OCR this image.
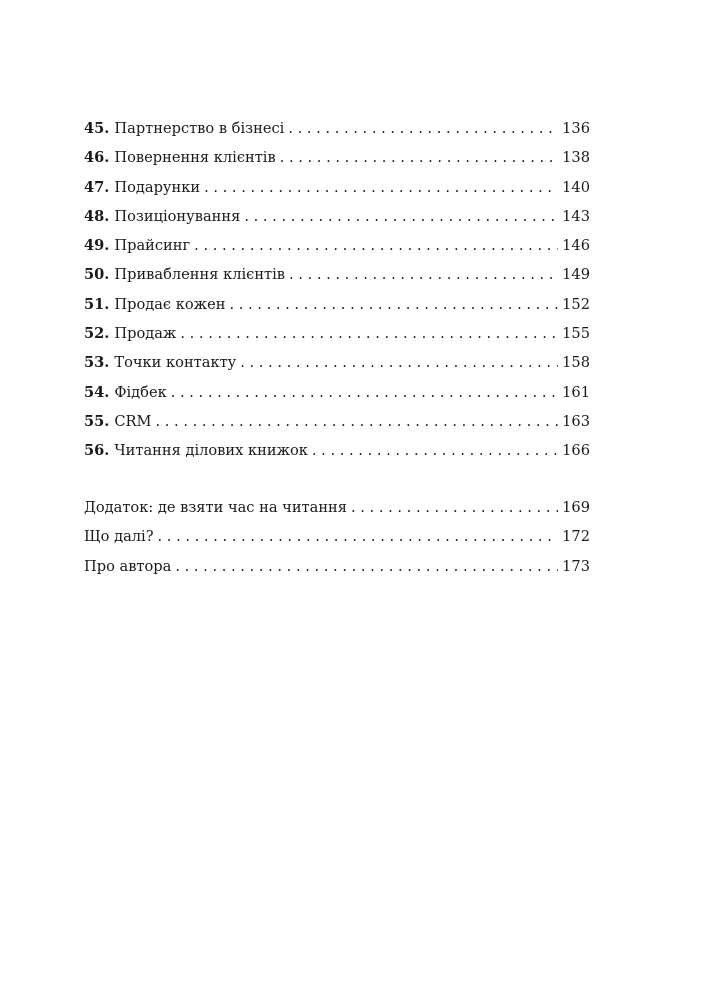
45. Партнерство в бізнесі . . .	136
46. Повернення клієнтів . . .	138
47. Подарунки . . .	140
48. Позиціонування . . .	143
49. Прайсинг . . .	146
50. Приваблення клієнтів . . .	149
51. Продає кожен . . .	152
52. Продаж . . .	155
53. Точки контакту . . .	158
54. Фідбек . . .	161
55. CRM . . .	163
56. Читання ділових книжок . . .	166
Додаток: де взяти час на читання . . .	169
Що далі? . . .	172
Про автора . . .	173
